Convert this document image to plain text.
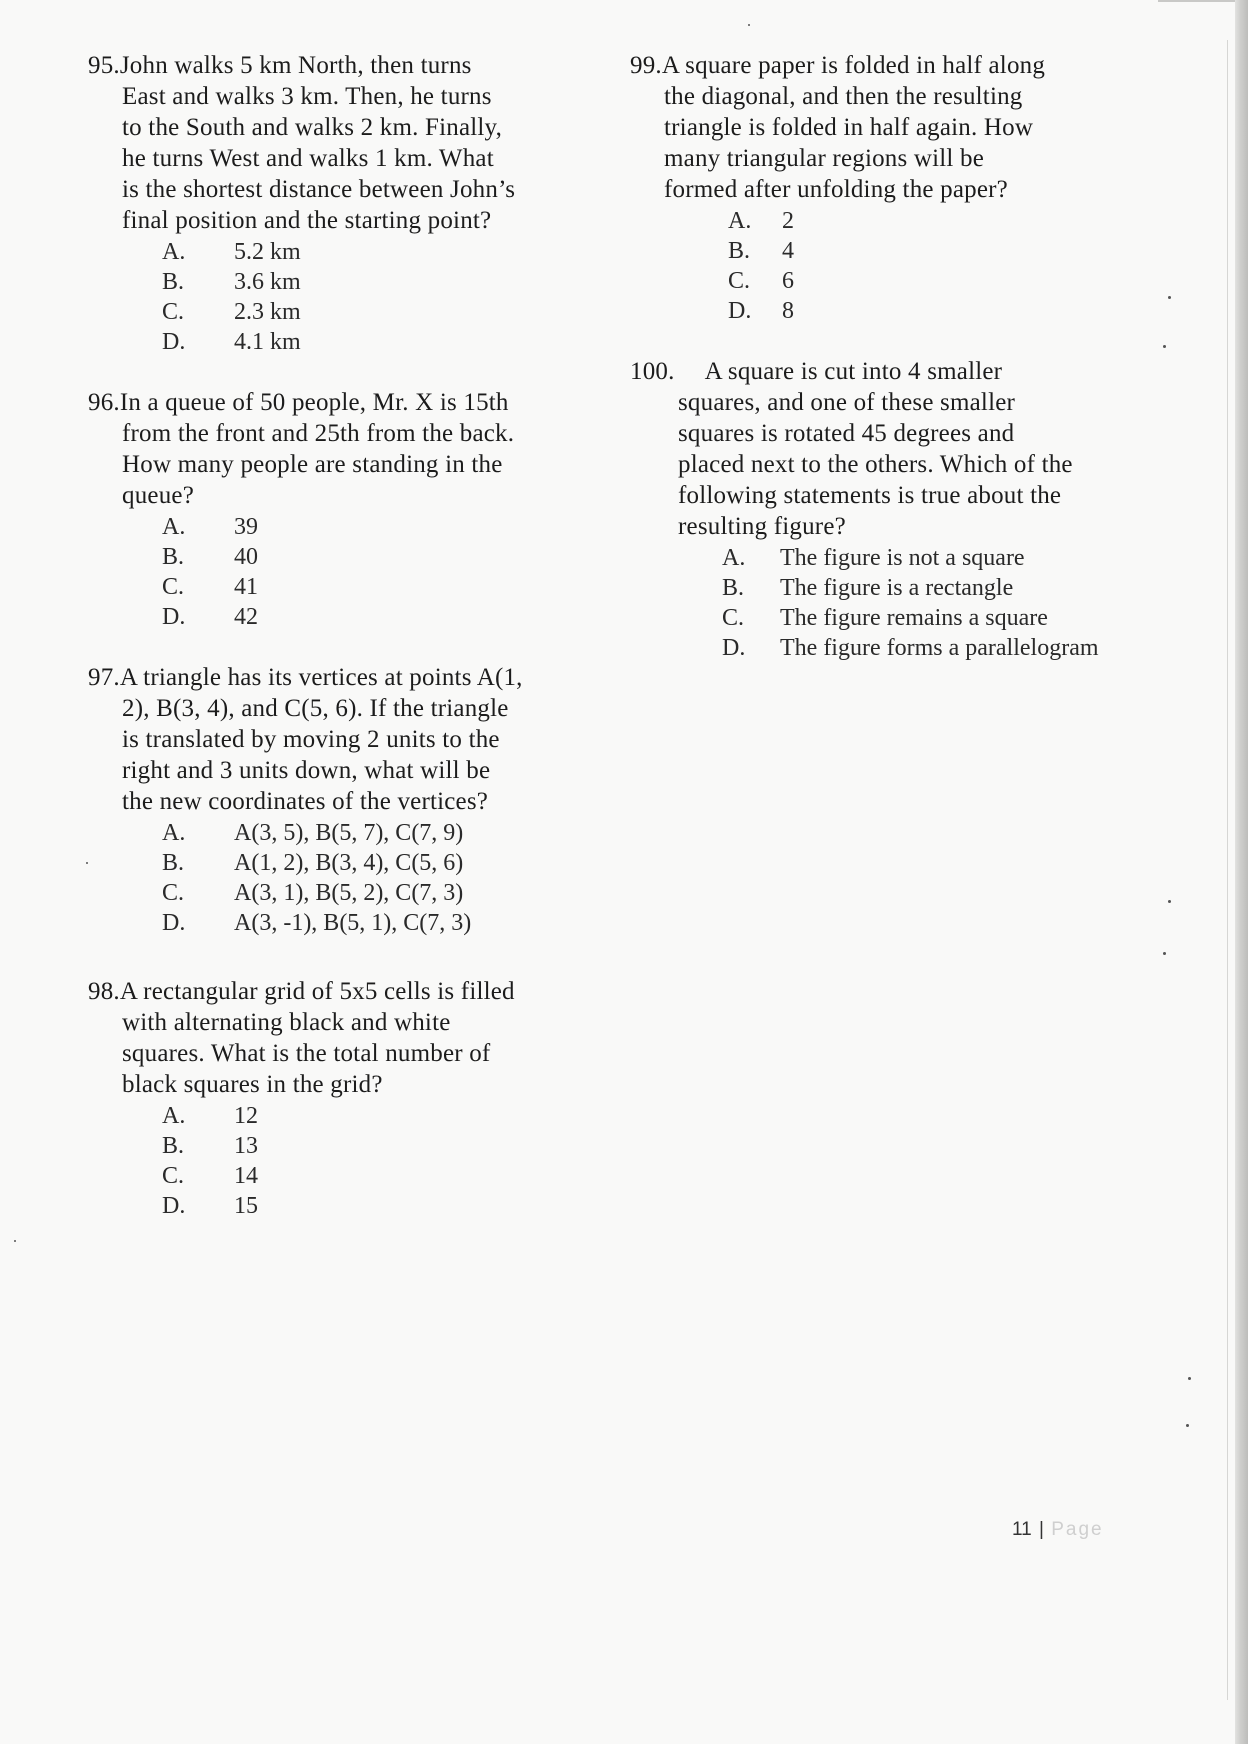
95.John walks 5 km North, then turns
East and walks 3 km. Then, he turns
to the South and walks 2 km. Finally,
he turns West and walks 1 km. What
is the shortest distance between John’s
final position and the starting point?
A.	5.2 km
B.	3.6 km
C.	2.3 km
D.	4.1 km
96.In a queue of 50 people, Mr. X is 15th
from the front and 25th from the back.
How many people are standing in the
queue?
A.	39
B.	40
C.	41
D.	42
97.A triangle has its vertices at points A(1,
2), B(3, 4), and C(5, 6). If the triangle
is translated by moving 2 units to the
right and 3 units down, what will be
the new coordinates of the vertices?
A.	A(3, 5), B(5, 7), C(7, 9)
B.	A(1, 2), B(3, 4), C(5, 6)
C.	A(3, 1), B(5, 2), C(7, 3)
D.	A(3, -1), B(5, 1), C(7, 3)
98.A rectangular grid of 5x5 cells is filled
with alternating black and white
squares. What is the total number of
black squares in the grid?
A.	12
B.	13
C.	14
D.	15
99.A square paper is folded in half along
the diagonal, and then the resulting
triangle is folded in half again. How
many triangular regions will be
formed after unfolding the paper?
A.	2
B.	4
C.	6
D.	8
100. A square is cut into 4 smaller
squares, and one of these smaller
squares is rotated 45 degrees and
placed next to the others. Which of the
following statements is true about the
resulting figure?
A.	The figure is not a square
B.	The figure is a rectangle
C.	The figure remains a square
D.	The figure forms a parallelogram
11 | Page
